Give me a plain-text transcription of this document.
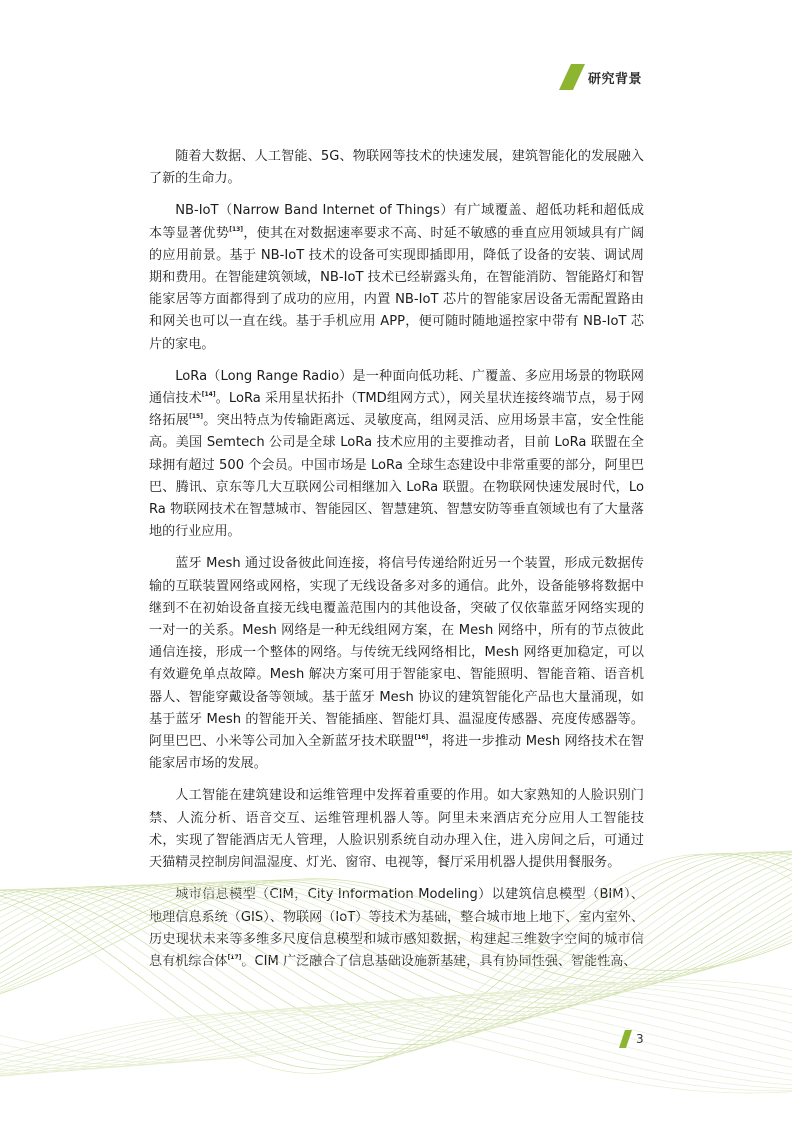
研究背景

随着大数据、人工智能、5G、物联网等技术的快速发展，建筑智能化的发展融入了新的生命力。

NB-IoT（Narrow Band Internet of Things）有广域覆盖、超低功耗和超低成本等显著优势[13]，使其在对数据速率要求不高、时延不敏感的垂直应用领域具有广阔的应用前景。基于 NB-IoT 技术的设备可实现即插即用，降低了设备的安装、调试周期和费用。在智能建筑领域，NB-IoT 技术已经崭露头角，在智能消防、智能路灯和智能家居等方面都得到了成功的应用，内置 NB-IoT 芯片的智能家居设备无需配置路由和网关也可以一直在线。基于手机应用 APP，便可随时随地遥控家中带有 NB-IoT 芯片的家电。

LoRa（Long Range Radio）是一种面向低功耗、广覆盖、多应用场景的物联网通信技术[14]。LoRa 采用星状拓扑（TMD组网方式），网关星状连接终端节点，易于网络拓展[15]。突出特点为传输距离远、灵敏度高，组网灵活、应用场景丰富，安全性能高。美国 Semtech 公司是全球 LoRa 技术应用的主要推动者，目前 LoRa 联盟在全球拥有超过 500 个会员。中国市场是 LoRa 全球生态建设中非常重要的部分，阿里巴巴、腾讯、京东等几大互联网公司相继加入 LoRa 联盟。在物联网快速发展时代，LoRa 物联网技术在智慧城市、智能园区、智慧建筑、智慧安防等垂直领域也有了大量落地的行业应用。

蓝牙 Mesh 通过设备彼此间连接，将信号传递给附近另一个装置，形成元数据传输的互联装置网络或网格，实现了无线设备多对多的通信。此外，设备能够将数据中继到不在初始设备直接无线电覆盖范围内的其他设备，突破了仅依靠蓝牙网络实现的一对一的关系。Mesh 网络是一种无线组网方案，在 Mesh 网络中，所有的节点彼此通信连接，形成一个整体的网络。与传统无线网络相比，Mesh 网络更加稳定，可以有效避免单点故障。Mesh 解决方案可用于智能家电、智能照明、智能音箱、语音机器人、智能穿戴设备等领域。基于蓝牙 Mesh 协议的建筑智能化产品也大量涌现，如基于蓝牙 Mesh 的智能开关、智能插座、智能灯具、温湿度传感器、亮度传感器等。阿里巴巴、小米等公司加入全新蓝牙技术联盟[16]，将进一步推动 Mesh 网络技术在智能家居市场的发展。

人工智能在建筑建设和运维管理中发挥着重要的作用。如大家熟知的人脸识别门禁、人流分析、语音交互、运维管理机器人等。阿里未来酒店充分应用人工智能技术，实现了智能酒店无人管理，人脸识别系统自动办理入住，进入房间之后，可通过天猫精灵控制房间温湿度、灯光、窗帘、电视等，餐厅采用机器人提供用餐服务。

城市信息模型（CIM，City Information Modeling）以建筑信息模型（BIM）、地理信息系统（GIS）、物联网（IoT）等技术为基础，整合城市地上地下、室内室外、历史现状未来等多维多尺度信息模型和城市感知数据，构建起三维数字空间的城市信息有机综合体[17]。CIM 广泛融合了信息基础设施新基建，具有协同性强、智能性高、

3
